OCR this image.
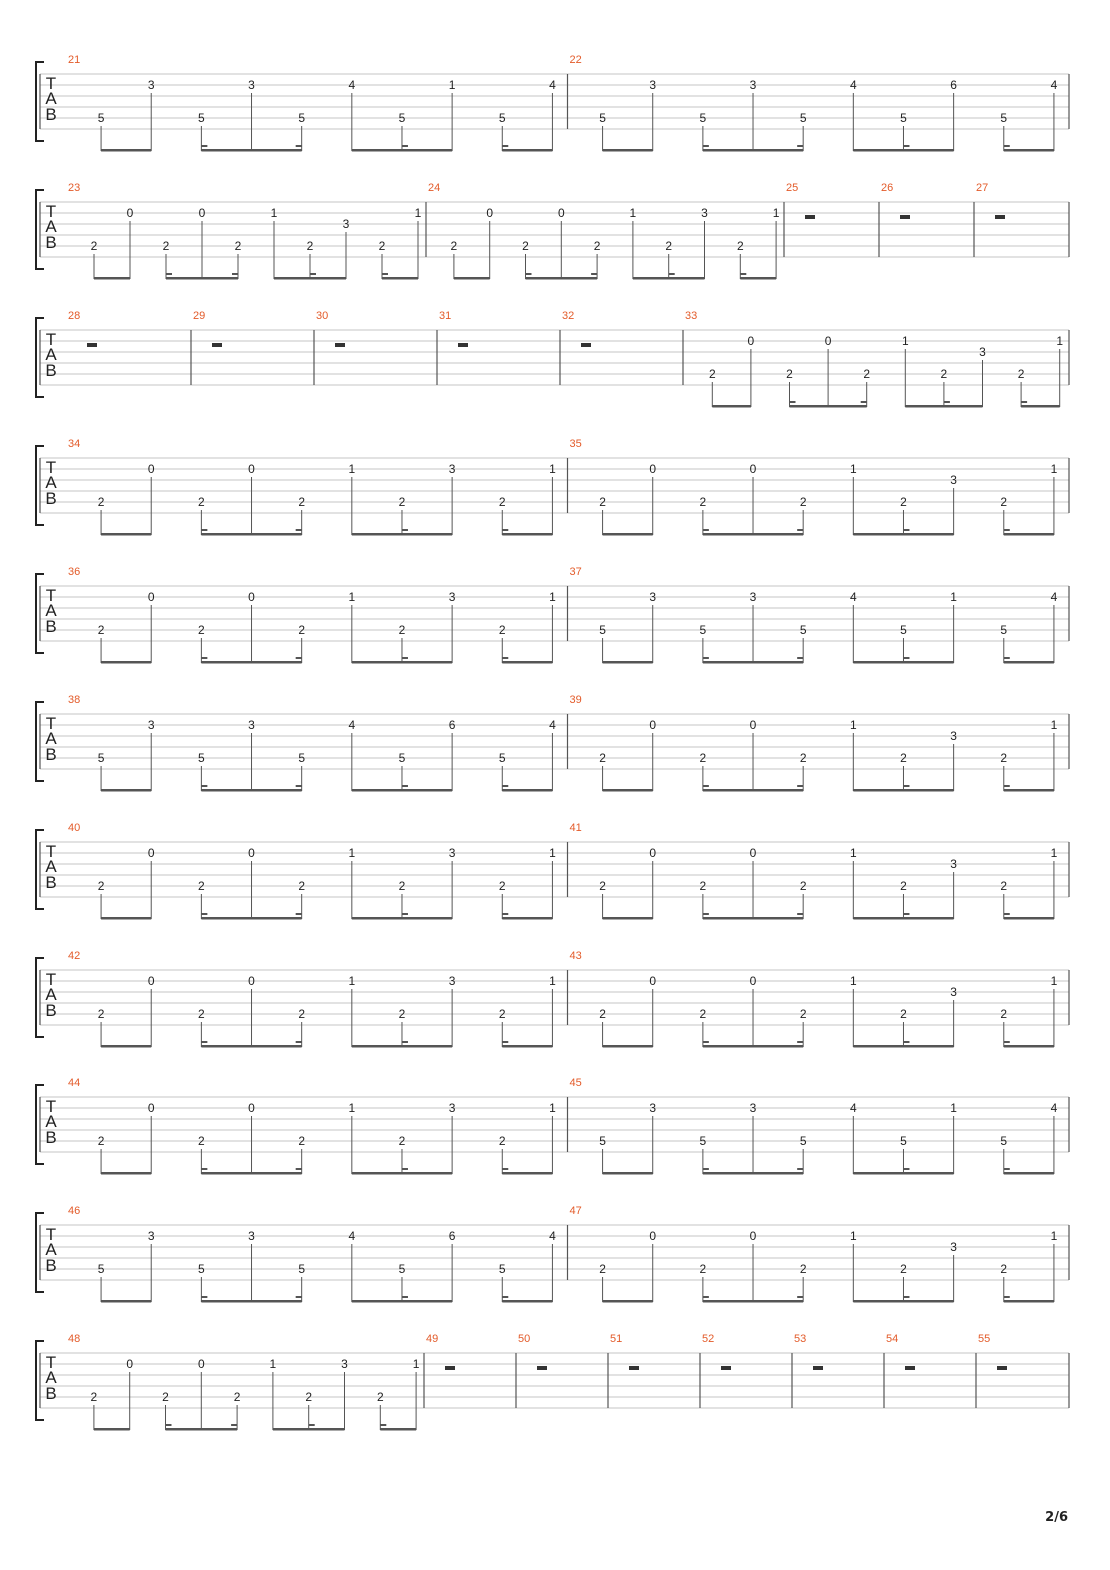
T
A
B
21
5
3
5
3
5
4
5
1
5
4
22
5
3
5
3
5
4
5
6
5
4
T
A
B
23
2
0
2
0
2
1
2
3
2
1
24
2
0
2
0
2
1
2
3
2
1
25	26	27
T
A
B
28	29	30	31	32	33
2
0
2
0
2
1
2
3
2
1
T
A
B
34
2
0
2
0
2
1
2
3
2
1
35
2
0
2
0
2
1
2
3
2
1
T
A
B
36
2
0
2
0
2
1
2
3
2
1
37
5
3
5
3
5
4
5
1
5
4
T
A
B
38
5
3
5
3
5
4
5
6
5
4
39
2
0
2
0
2
1
2
3
2
1
T
A
B
40
2
0
2
0
2
1
2
3
2
1
41
2
0
2
0
2
1
2
3
2
1
T
A
B
42
2
0
2
0
2
1
2
3
2
1
43
2
0
2
0
2
1
2
3
2
1
T
A
B
44
2
0
2
0
2
1
2
3
2
1
45
5
3
5
3
5
4
5
1
5
4
T
A
B
46
5
3
5
3
5
4
5
6
5
4
47
2
0
2
0
2
1
2
3
2
1
T
A
B
48
2
0
2
0
2
1
2
3
2
1
49	50	51	52	53	54	55
2/6
